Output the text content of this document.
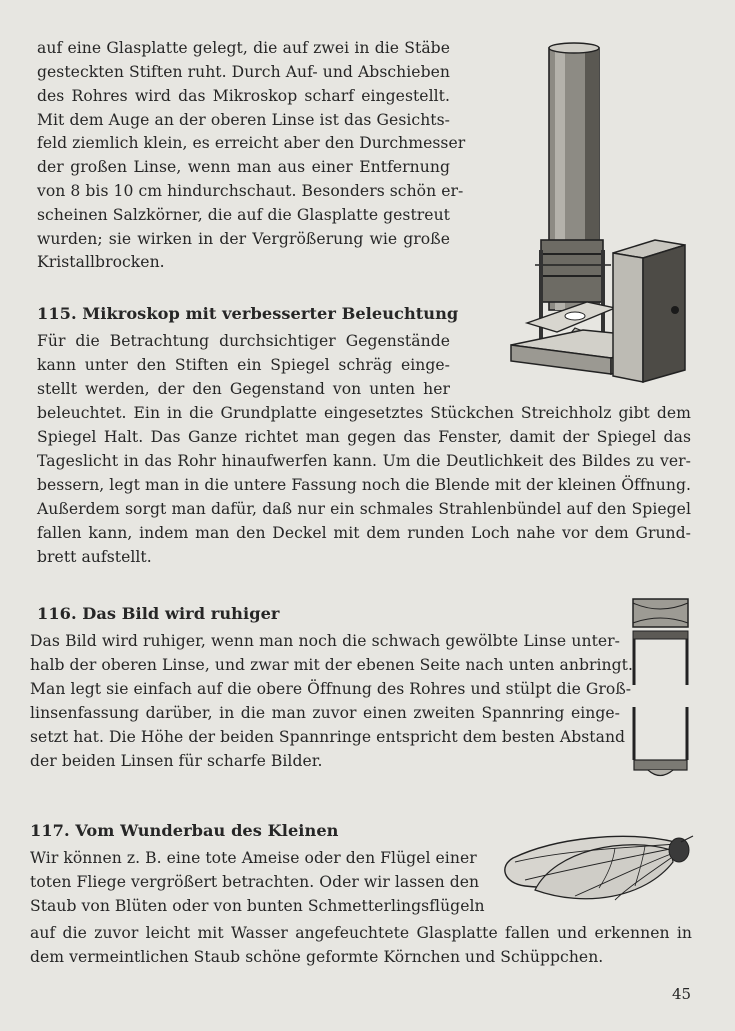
auf eine Glasplatte gelegt, die auf zwei in die Stäbe
gesteckten Stiften ruht. Durch Auf- und Abschieben
des Rohres wird das Mikroskop scharf eingestellt.
Mit dem Auge an der oberen Linse ist das Gesichts-
feld ziemlich klein, es erreicht aber den Durchmesser
der großen Linse, wenn man aus einer Entfernung
von 8 bis 10 cm hindurchschaut. Besonders schön er-
scheinen Salzkörner, die auf die Glasplatte gestreut
wurden; sie wirken in der Vergrößerung wie große
Kristallbrocken.
115. Mikroskop mit verbesserter Beleuchtung
Für die Betrachtung durchsichtiger Gegenstände
kann unter den Stiften ein Spiegel schräg einge-
stellt werden, der den Gegenstand von unten her
beleuchtet. Ein in die Grundplatte eingesetztes Stückchen Streichholz gibt dem
Spiegel Halt. Das Ganze richtet man gegen das Fenster, damit der Spiegel das
Tageslicht in das Rohr hinaufwerfen kann. Um die Deutlichkeit des Bildes zu ver-
bessern, legt man in die untere Fassung noch die Blende mit der kleinen Öffnung.
Außerdem sorgt man dafür, daß nur ein schmales Strahlenbündel auf den Spiegel
fallen kann, indem man den Deckel mit dem runden Loch nahe vor dem Grund-
brett aufstellt.
116. Das Bild wird ruhiger
Das Bild wird ruhiger, wenn man noch die schwach gewölbte Linse unter-
halb der oberen Linse, und zwar mit der ebenen Seite nach unten anbringt.
Man legt sie einfach auf die obere Öffnung des Rohres und stülpt die Groß-
linsenfassung darüber, in die man zuvor einen zweiten Spannring einge-
setzt hat. Die Höhe der beiden Spannringe entspricht dem besten Abstand
der beiden Linsen für scharfe Bilder.
117. Vom Wunderbau des Kleinen
Wir können z. B. eine tote Ameise oder den Flügel einer
toten Fliege vergrößert betrachten. Oder wir lassen den
Staub von Blüten oder von bunten Schmetterlingsflügeln
auf die zuvor leicht mit Wasser angefeuchtete Glasplatte fallen und erkennen in
dem vermeintlichen Staub schöne geformte Körnchen und Schüppchen.
45
